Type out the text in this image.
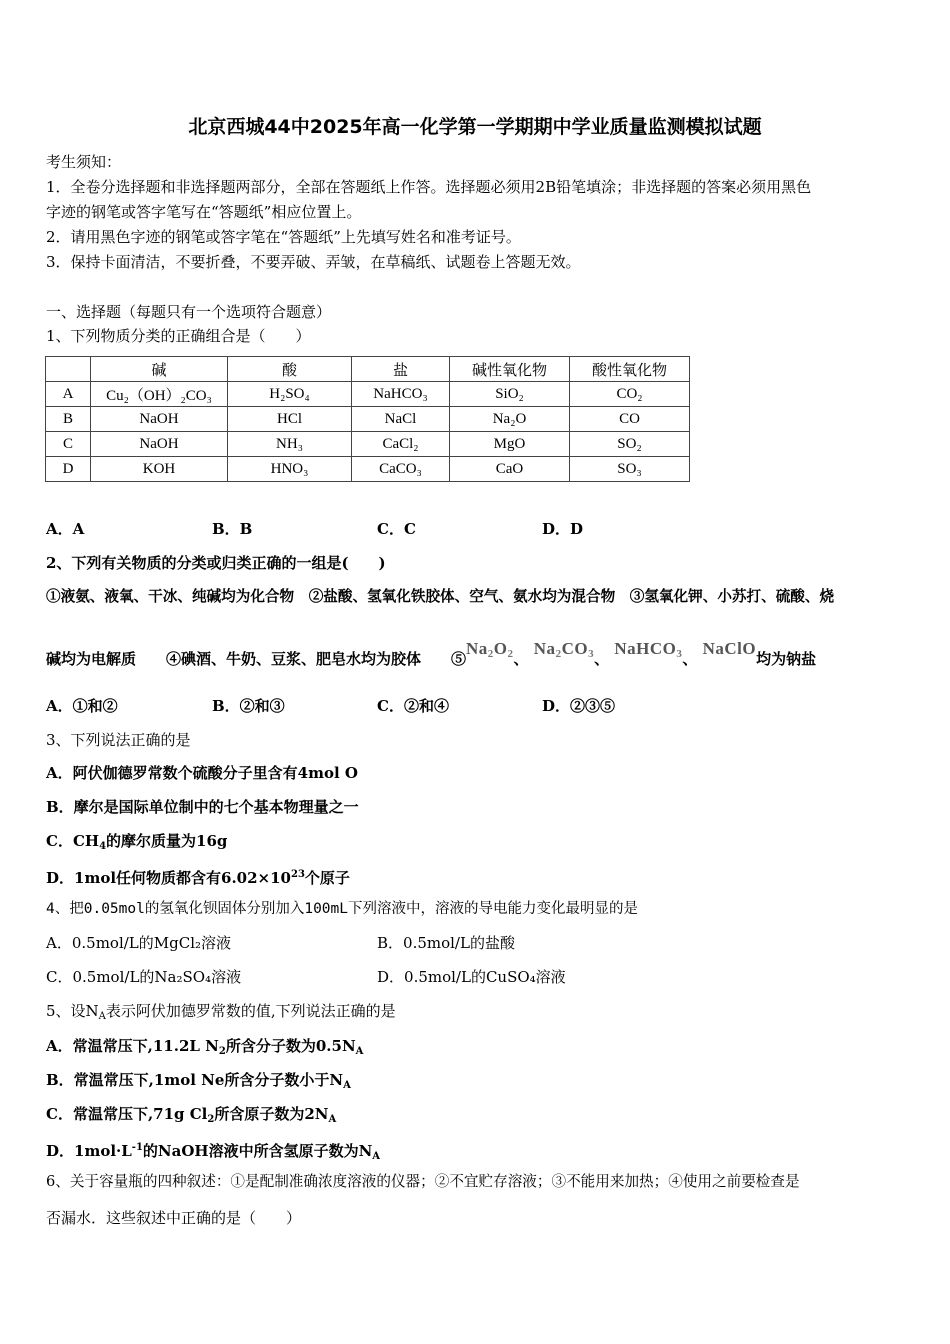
北京西城44中2025年高一化学第一学期期中学业质量监测模拟试题
考生须知：
1．全卷分选择题和非选择题两部分，全部在答题纸上作答。选择题必须用2B铅笔填涂；非选择题的答案必须用黑色
字迹的钢笔或答字笔写在“答题纸”相应位置上。
2．请用黑色字迹的钢笔或答字笔在“答题纸”上先填写姓名和准考证号。
3．保持卡面清洁，不要折叠，不要弄破、弄皱，在草稿纸、试题卷上答题无效。
一、选择题（每题只有一个选项符合题意）
1、下列物质分类的正确组合是（　　）
	碱	酸	盐	碱性氧化物	酸性氧化物
A	Cu₂（OH）₂CO₃	H₂SO₄	NaHCO₃	SiO₂	CO₂
B	NaOH	HCl	NaCl	Na₂O	CO
C	NaOH	NH₃	CaCl₂	MgO	SO₂
D	KOH	HNO₃	CaCO₃	CaO	SO₃
A．A	B．B	C．C	D．D
2、下列有关物质的分类或归类正确的一组是(　　)
①液氨、液氧、干冰、纯碱均为化合物　②盐酸、氢氧化铁胶体、空气、氨水均为混合物　③氢氧化钾、小苏打、硫酸、烧
碱均为电解质　　④碘酒、牛奶、豆浆、肥皂水均为胶体　　$⑤Na_2O_2$、 $Na_2CO_3$、 NaHCO$_3$、 NaClO均为钠盐
A．①和②	B．②和③	C．②和④	D．②③⑤
3、下列说法正确的是
A．阿伏伽德罗常数个硫酸分子里含有4mol O
B．摩尔是国际单位制中的七个基本物理量之一
C．$CH_4$的摩尔质量为16g
D．1mol任何物质都含有$6.02\times 10^{23}$个原子
4、把0.05mol的氢氧化钡固体分别加入100mL下列溶液中，溶液的导电能力变化最明显的是
A．0.5mol/L的MgCl₂溶液	B．0.5mol/L的盐酸
C．0.5mol/L的Na₂SO₄溶液	D．0.5mol/L的CuSO₄溶液
5、设$N_A$表示阿伏加德罗常数的值,下列说法正确的是
A．常温常压下,11.2L $N_2$所含分子数为$0.5N_A$
B．常温常压下,1mol Ne所含分子数小于$N_A$
C．常温常压下,71g $Cl_2$所含原子数为$2N_A$
D．$1mol\cdot L^{-1}$的NaOH溶液中所含氢原子数为$N_A$
6、关于容量瓶的四种叙述：①是配制准确浓度溶液的仪器；②不宜贮存溶液；③不能用来加热；④使用之前要检查是
否漏水．这些叙述中正确的是（　　）
